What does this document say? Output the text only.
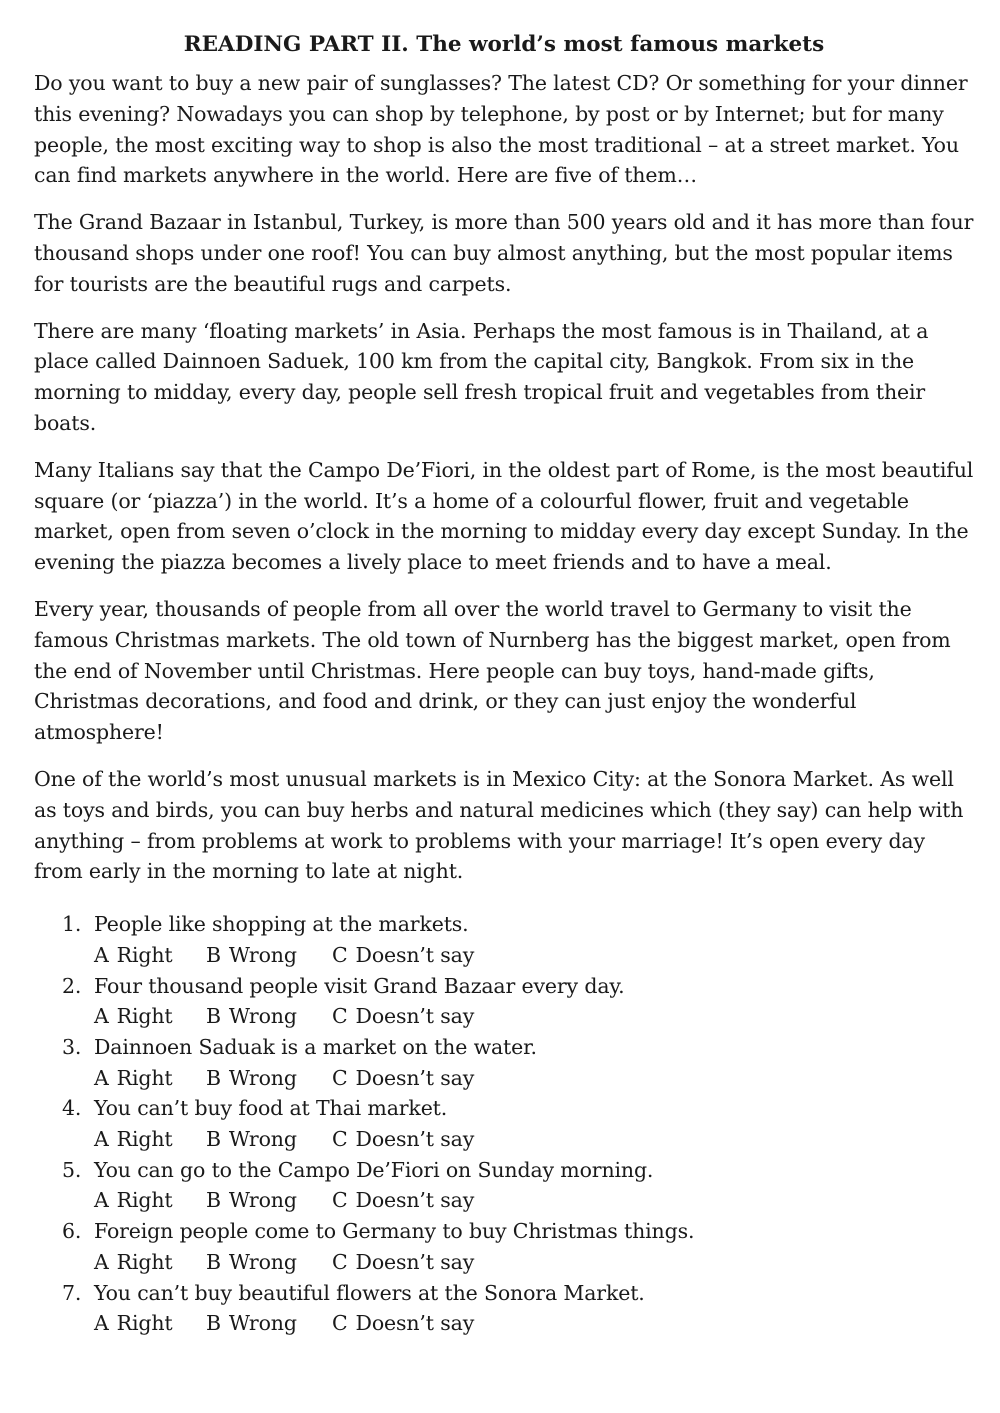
READING PART II. The world’s most famous markets

Do you want to buy a new pair of sunglasses? The latest CD? Or something for your dinner this evening? Nowadays you can shop by telephone, by post or by Internet; but for many people, the most exciting way to shop is also the most traditional – at a street market. You can find markets anywhere in the world. Here are five of them…

The Grand Bazaar in Istanbul, Turkey, is more than 500 years old and it has more than four thousand shops under one roof! You can buy almost anything, but the most popular items for tourists are the beautiful rugs and carpets.

There are many ‘floating markets’ in Asia. Perhaps the most famous is in Thailand, at a place called Dainnoen Saduek, 100 km from the capital city, Bangkok. From six in the morning to midday, every day, people sell fresh tropical fruit and vegetables from their boats.

Many Italians say that the Campo De’Fiori, in the oldest part of Rome, is the most beautiful square (or ‘piazza’) in the world. It’s a home of a colourful flower, fruit and vegetable market, open from seven o’clock in the morning to midday every day except Sunday. In the evening the piazza becomes a lively place to meet friends and to have a meal.

Every year, thousands of people from all over the world travel to Germany to visit the famous Christmas markets. The old town of Nurnberg has the biggest market, open from the end of November until Christmas. Here people can buy toys, hand-made gifts, Christmas decorations, and food and drink, or they can just enjoy the wonderful atmosphere!

One of the world’s most unusual markets is in Mexico City: at the Sonora Market. As well as toys and birds, you can buy herbs and natural medicines which (they say) can help with anything – from problems at work to problems with your marriage! It’s open every day from early in the morning to late at night.

1. People like shopping at the markets.
A Right	B Wrong	C Doesn’t say
2. Four thousand people visit Grand Bazaar every day.
A Right	B Wrong	C Doesn’t say
3. Dainnoen Saduak is a market on the water.
A Right	B Wrong	C Doesn’t say
4. You can’t buy food at Thai market.
A Right	B Wrong	C Doesn’t say
5. You can go to the Campo De’Fiori on Sunday morning.
A Right	B Wrong	C Doesn’t say
6. Foreign people come to Germany to buy Christmas things.
A Right	B Wrong	C Doesn’t say
7. You can’t buy beautiful flowers at the Sonora Market.
A Right	B Wrong	C Doesn’t say
